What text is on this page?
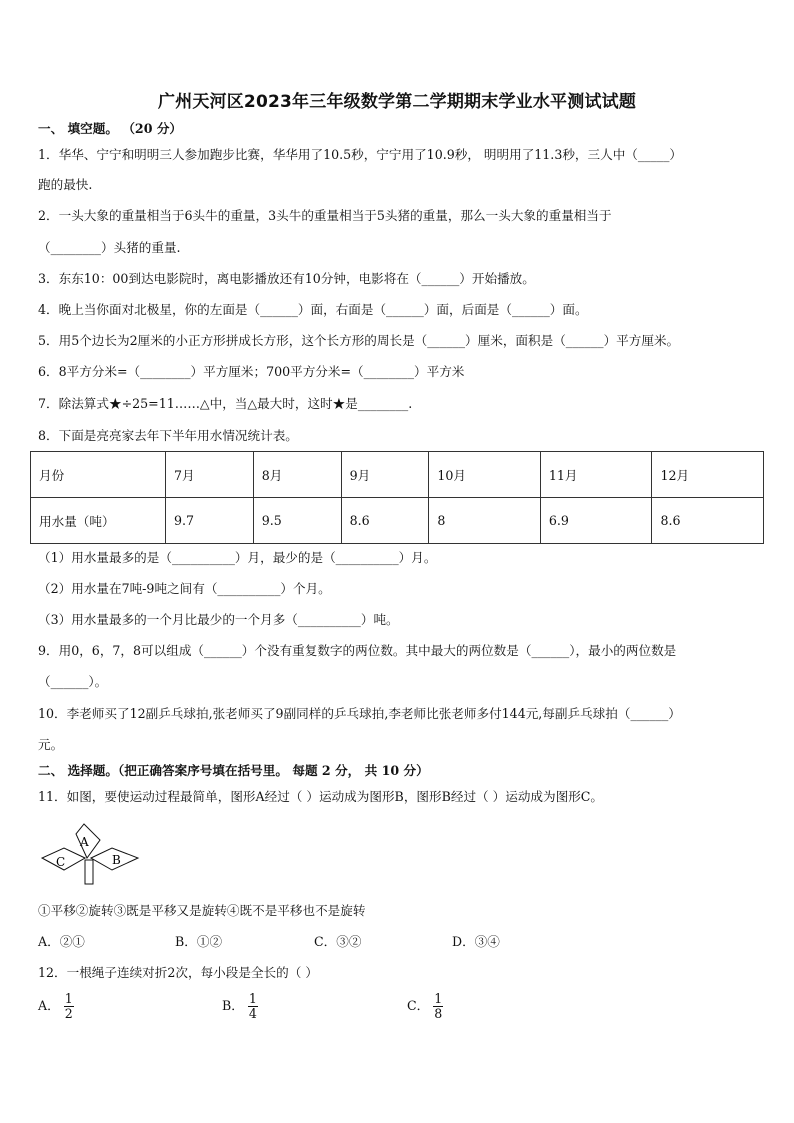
广州天河区2023年三年级数学第二学期期末学业水平测试试题
一、 填空题。 （20 分）
1．华华、宁宁和明明三人参加跑步比赛，华华用了10.5秒，宁宁用了10.9秒， 明明用了11.3秒，三人中（_____）
跑的最快.
2．一头大象的重量相当于6头牛的重量，3头牛的重量相当于5头猪的重量，那么一头大象的重量相当于
（________）头猪的重量.
3．东东10：00到达电影院时，离电影播放还有10分钟，电影将在（______）开始播放。
4．晚上当你面对北极星，你的左面是（______）面，右面是（______）面，后面是（______）面。
5．用5个边长为2厘米的小正方形拼成长方形，这个长方形的周长是（______）厘米，面积是（______）平方厘米。
6．8平方分米=（________）平方厘米；700平方分米=（________）平方米
7．除法算式★÷25=11……△中，当△最大时，这时★是________.
8．下面是亮亮家去年下半年用水情况统计表。
月份	7月	8月	9月	10月	11月	12月
用水量（吨）	9.7	9.5	8.6	8	6.9	8.6
（1）用水量最多的是（__________）月，最少的是（__________）月。
（2）用水量在7吨-9吨之间有（__________）个月。
（3）用水量最多的一个月比最少的一个月多（__________）吨。
9．用0，6，7，8可以组成（______）个没有重复数字的两位数。其中最大的两位数是（______），最小的两位数是
（______）。
10．李老师买了12副乒乓球拍,张老师买了9副同样的乒乓球拍,李老师比张老师多付144元,每副乒乓球拍（______）
元。
二、 选择题。（把正确答案序号填在括号里。 每题 2 分， 共 10 分）
11．如图，要使运动过程最简单，图形A经过（ ）运动成为图形B，图形B经过（ ）运动成为图形C。
A
B
C
①平移②旋转③既是平移又是旋转④既不是平移也不是旋转
A．②①	B．①②	C．③②	D．③④
12．一根绳子连续对折2次，每小段是全长的（ ）
A． $\frac{1}{2}$	B． $\frac{1}{4}$	C． $\frac{1}{8}$
